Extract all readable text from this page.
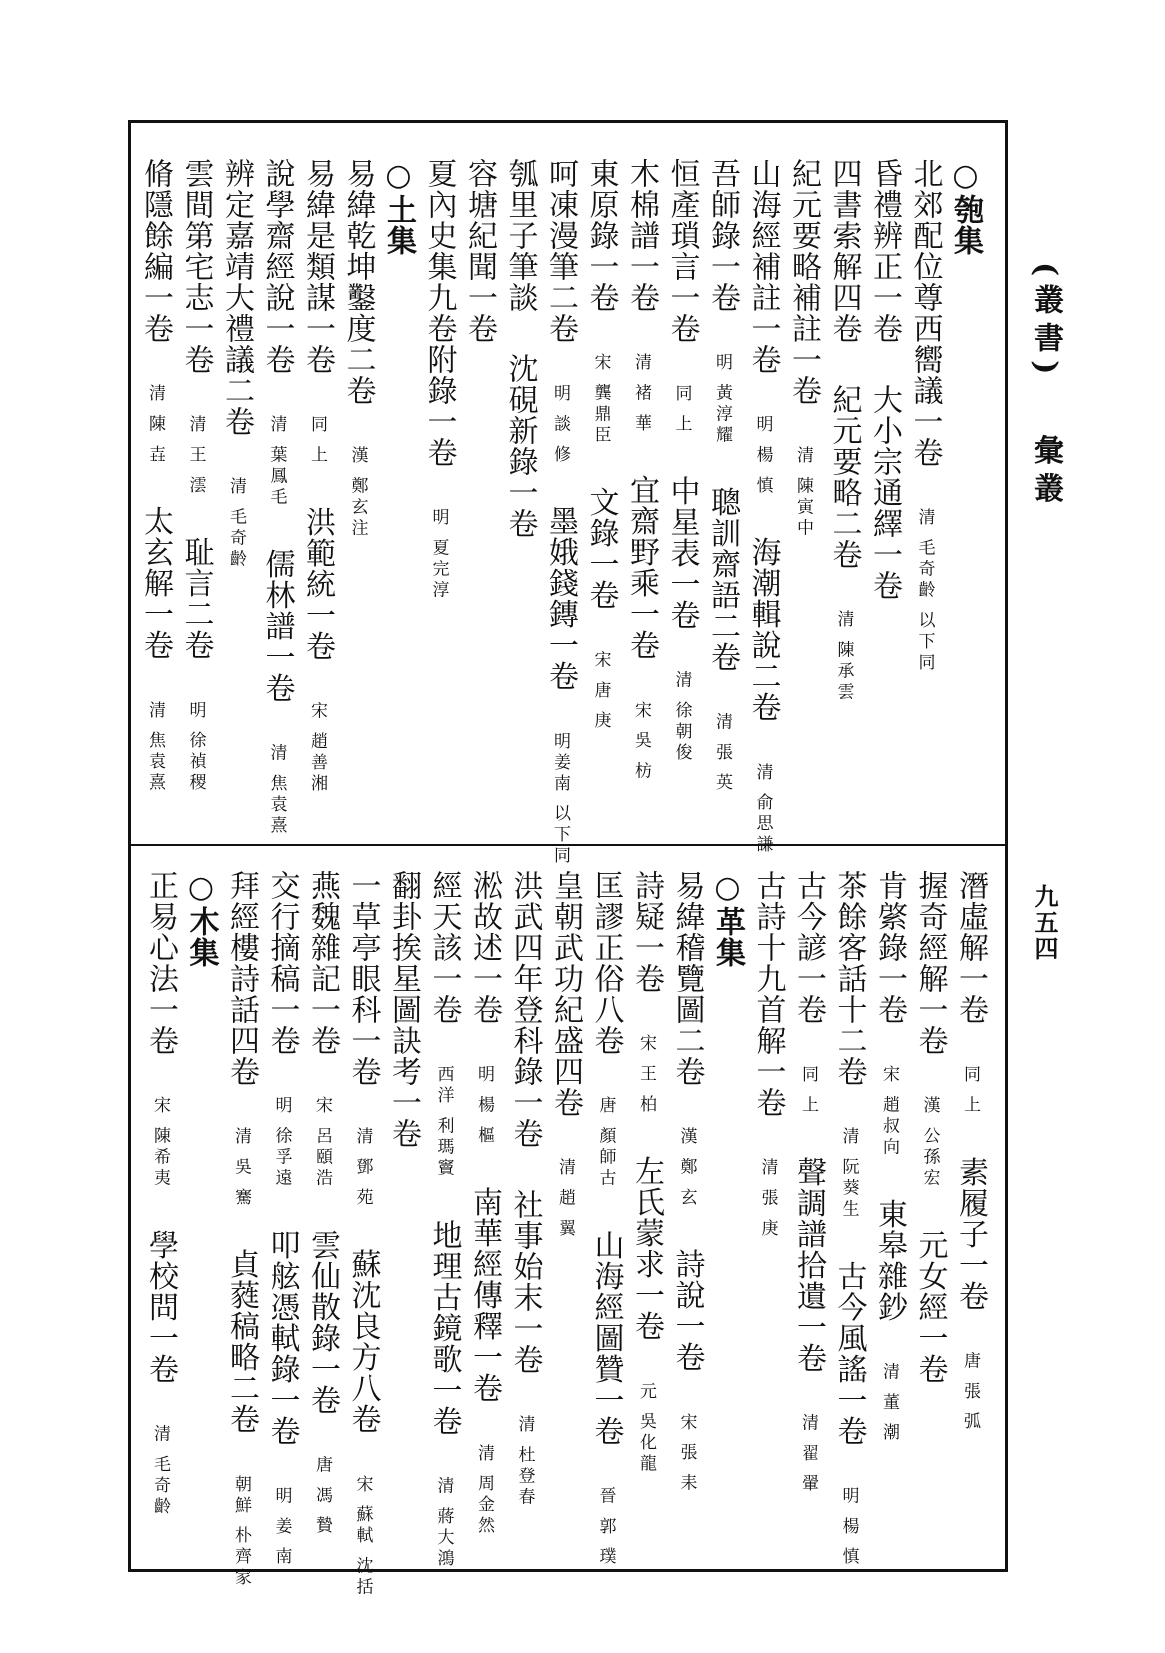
(叢書)彙叢
九五四
○匏集
北郊配位尊西嚮議一卷清 毛奇齡 以下同
昏禮辨正一卷大小宗通繹一卷
四書索解四卷紀元要略二卷清 陳承雲
紀元要略補註一卷清 陳寅中
山海經補註一卷明 楊 慎海潮輯說二卷清 俞思謙
吾師錄一卷明 黃淳耀聰訓齋語二卷清 張 英
恒產瑣言一卷同 上中星表一卷清 徐朝俊
木棉譜一卷清 褚 華宜齋野乘一卷宋 吳 枋
東原錄一卷宋 龔鼎臣文錄一卷宋 唐 庚
呵凍漫筆二卷明 談 修墨娥錢鏄一卷明姜南 以下同
瓠里子筆談沈硯新錄一卷
容塘紀聞一卷
夏內史集九卷附錄一卷明 夏完淳
○土集
易緯乾坤鑿度二卷漢 鄭玄注
易緯是類謀一卷同 上洪範統一卷宋 趙善湘
說學齋經說一卷清 葉鳳毛儒林譜一卷清 焦袁熹
辨定嘉靖大禮議二卷清 毛奇齡
雲間第宅志一卷清 王 澐耻言二卷明 徐禎稷
脩隱餘編一卷清 陳 壵太玄解一卷清 焦袁熹
潛虛解一卷同 上素履子一卷唐 張 弧
握奇經解一卷漢 公孫宏元女經一卷
肯綮錄一卷宋 趙叔向東皋雜鈔清 董 潮
茶餘客話十二卷清 阮葵生古今風謠一卷明 楊 慎
古今諺一卷同 上聲調譜拾遺一卷清 翟 翬
古詩十九首解一卷清 張 庚
○革集
易緯稽覽圖二卷漢 鄭 玄詩說一卷宋 張 耒
詩疑一卷宋 王 柏左氏蒙求一卷元 吳化龍
匡謬正俗八卷唐 顏師古山海經圖贊一卷晉 郭 璞
皇朝武功紀盛四卷清 趙 翼
洪武四年登科錄一卷社事始末一卷清 杜登春
淞故述一卷明 楊 樞南華經傳釋一卷清 周金然
經天該一卷西洋 利瑪竇地理古鏡歌一卷清 蔣大鴻
翻卦挨星圖訣考一卷
一草亭眼科一卷清 鄧 苑蘇沈良方八卷宋 蘇軾 沈括
燕魏雜記一卷宋 呂頤浩雲仙散錄一卷唐 馮 贄
交行摘稿一卷明 徐孚遠叩舷憑軾錄一卷明 姜 南
拜經樓詩話四卷清 吳 騫貞蕤稿略二卷朝鮮 朴齊家
○木集
正易心法一卷宋 陳希夷學校問一卷清 毛奇齡
